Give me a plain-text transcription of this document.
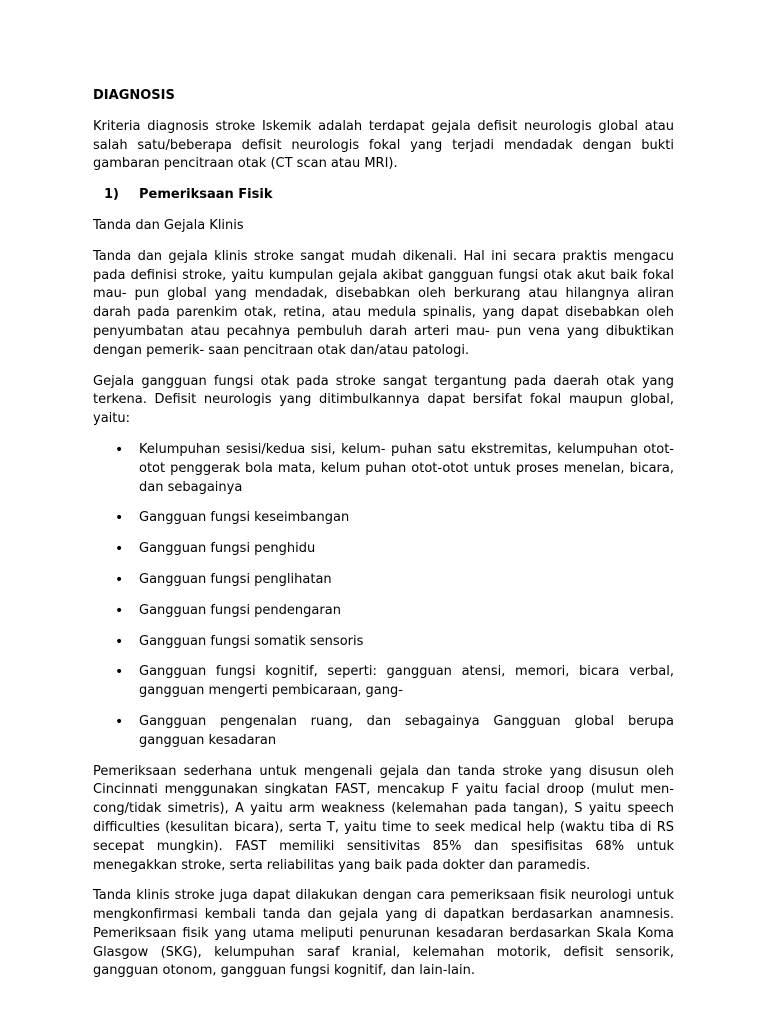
DIAGNOSIS

Kriteria diagnosis stroke Iskemik adalah terdapat gejala defisit neurologis global atau salah satu/beberapa defisit neurologis fokal yang terjadi mendadak dengan bukti gambaran pencitraan otak (CT scan atau MRI).

1)	Pemeriksaan Fisik

Tanda dan Gejala Klinis

Tanda dan gejala klinis stroke sangat mudah dikenali. Hal ini secara praktis mengacu pada definisi stroke, yaitu kumpulan gejala akibat gangguan fungsi otak akut baik fokal mau- pun global yang mendadak, disebabkan oleh berkurang atau hilangnya aliran darah pada parenkim otak, retina, atau medula spinalis, yang dapat disebabkan oleh penyumbatan atau pecahnya pembuluh darah arteri mau- pun vena yang dibuktikan dengan pemerik- saan pencitraan otak dan/atau patologi.

Gejala gangguan fungsi otak pada stroke sangat tergantung pada daerah otak yang terkena. Defisit neurologis yang ditimbulkannya dapat bersifat fokal maupun global, yaitu:

• Kelumpuhan sesisi/kedua sisi, kelum- puhan satu ekstremitas, kelumpuhan otot-otot penggerak bola mata, kelum puhan otot-otot untuk proses menelan, bicara, dan sebagainya
• Gangguan fungsi keseimbangan
• Gangguan fungsi penghidu
• Gangguan fungsi penglihatan
• Gangguan fungsi pendengaran
• Gangguan fungsi somatik sensoris
• Gangguan fungsi kognitif, seperti: gangguan atensi, memori, bicara verbal, gangguan mengerti pembicaraan, gang-
• Gangguan pengenalan ruang, dan sebagainya Gangguan global berupa gangguan kesadaran

Pemeriksaan sederhana untuk mengenali gejala dan tanda stroke yang disusun oleh Cincinnati menggunakan singkatan FAST, mencakup F yaitu facial droop (mulut men- cong/tidak simetris), A yaitu arm weakness (kelemahan pada tangan), S yaitu speech difficulties (kesulitan bicara), serta T, yaitu time to seek medical help (waktu tiba di RS secepat mungkin). FAST memiliki sensitivitas 85% dan spesifisitas 68% untuk menegakkan stroke, serta reliabilitas yang baik pada dokter dan paramedis.

Tanda klinis stroke juga dapat dilakukan dengan cara pemeriksaan fisik neurologi untuk mengkonfirmasi kembali tanda dan gejala yang di dapatkan berdasarkan anamnesis. Pemeriksaan fisik yang utama meliputi penurunan kesadaran berdasarkan Skala Koma Glasgow (SKG), kelumpuhan saraf kranial, kelemahan motorik, defisit sensorik, gangguan otonom, gangguan fungsi kognitif, dan lain-lain.
